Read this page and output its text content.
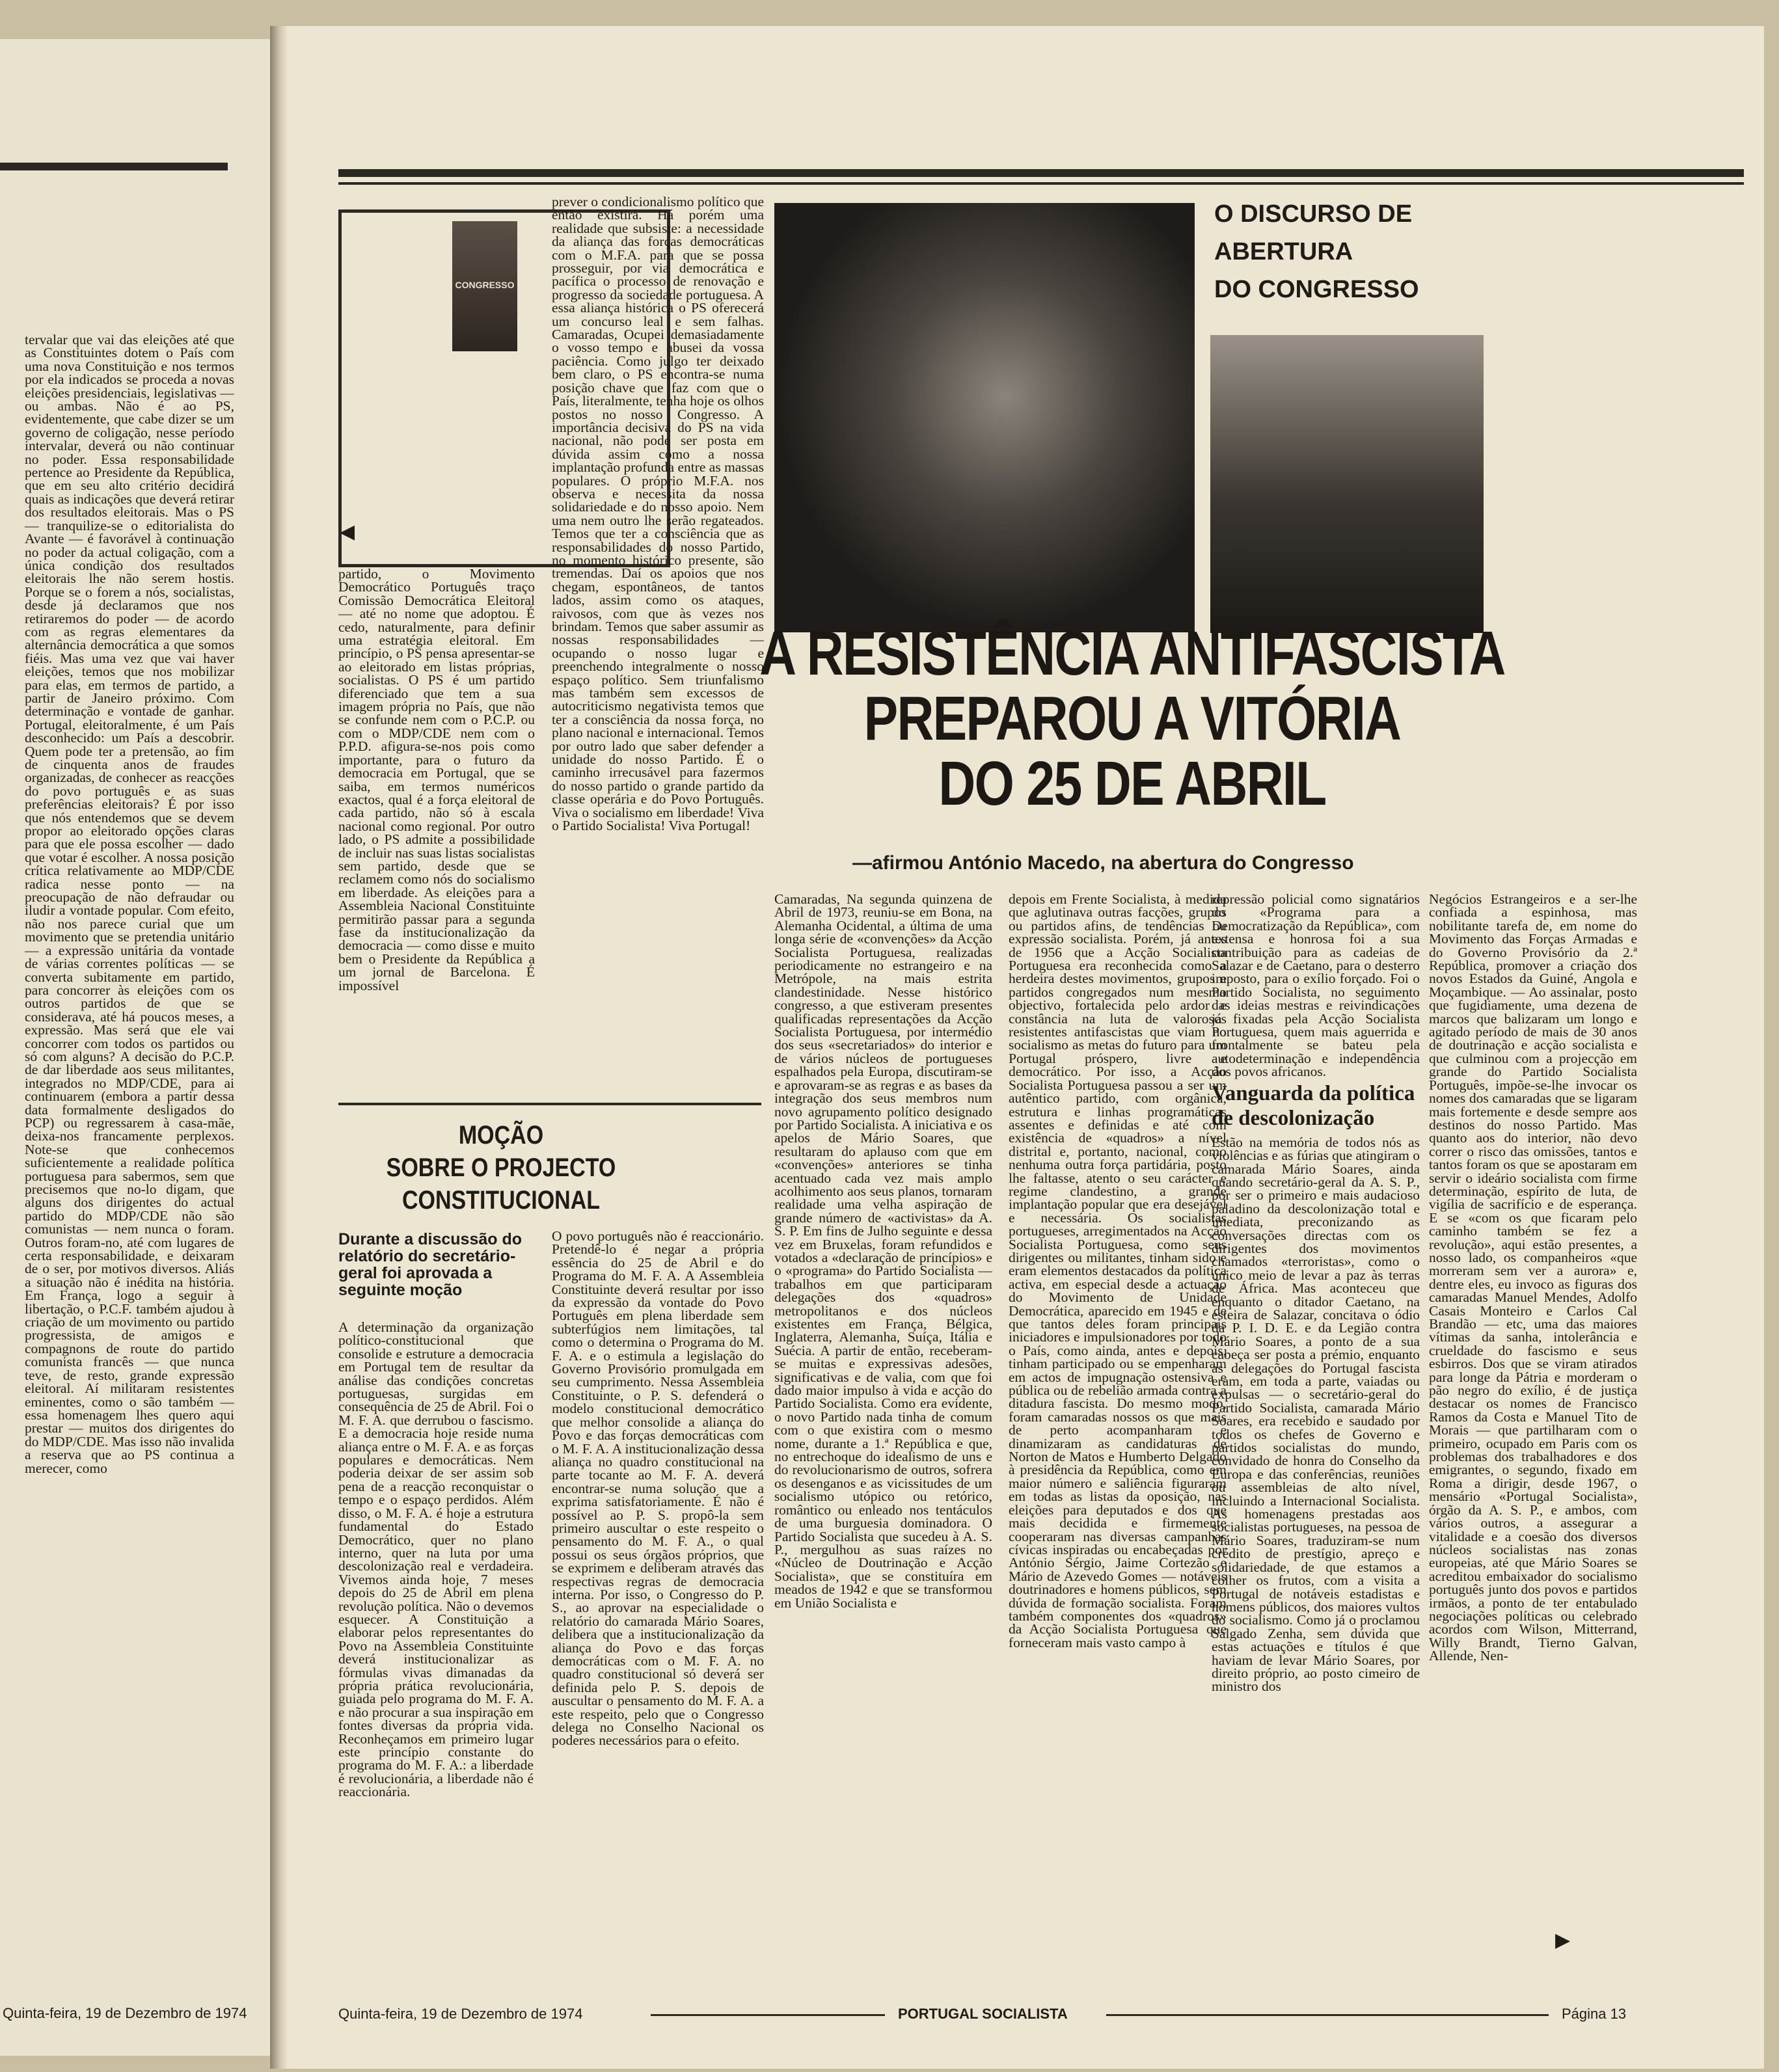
tervalar que vai das eleições até que as Constituintes dotem o País com uma nova Constituição e nos termos por ela indicados se proceda a novas eleições presidenciais, legislativas — ou ambas. Não é ao PS, evidentemente, que cabe dizer se um governo de coligação, nesse período intervalar, deverá ou não continuar no poder. Essa responsabilidade pertence ao Presidente da República, que em seu alto critério decidirá quais as indicações que deverá retirar dos resultados eleitorais. Mas o PS — tranquilize-se o editorialista do Avante — é favorável à continuação no poder da actual coligação, com a única condição dos resultados eleitorais lhe não serem hostis. Porque se o forem a nós, socialistas, desde já declaramos que nos retiraremos do poder — de acordo com as regras elementares da alternância democrática a que somos fiéis. Mas uma vez que vai haver eleições, temos que nos mobilizar para elas, em termos de partido, a partir de Janeiro próximo. Com determinação e vontade de ganhar. Portugal, eleitoralmente, é um País desconhecido: um País a descobrir. Quem pode ter a pretensão, ao fim de cinquenta anos de fraudes organizadas, de conhecer as reacções do povo português e as suas preferências eleitorais? É por isso que nós entendemos que se devem propor ao eleitorado opções claras para que ele possa escolher — dado que votar é escolher. A nossa posição crítica relativamente ao MDP/CDE radica nesse ponto — na preocupação de não defraudar ou iludir a vontade popular. Com efeito, não nos parece curial que um movimento que se pretendia unitário — a expressão unitária da vontade de várias correntes políticas — se converta subitamente em partido, para concorrer às eleições com os outros partidos de que se considerava, até há poucos meses, a expressão. Mas será que ele vai concorrer com todos os partidos ou só com alguns? A decisão do P.C.P. de dar liberdade aos seus militantes, integrados no MDP/CDE, para ai continuarem (embora a partir dessa data formalmente desligados do PCP) ou regressarem à casa-mãe, deixa-nos francamente perplexos. Note-se que conhecemos suficientemente a realidade política portuguesa para sabermos, sem que precisemos que no-lo digam, que alguns dos dirigentes do actual partido do MDP/CDE não são comunistas — nem nunca o foram. Outros foram-no, até com lugares de certa responsabilidade, e deixaram de o ser, por motivos diversos. Aliás a situação não é inédita na história. Em França, logo a seguir à libertação, o P.C.F. também ajudou à criação de um movimento ou partido progressista, de amigos e compagnons de route do partido comunista francês — que nunca teve, de resto, grande expressão eleitoral. Aí militaram resistentes eminentes, como o são também — essa homenagem lhes quero aqui prestar — muitos dos dirigentes do do MDP/CDE. Mas isso não invalida a reserva que ao PS continua a merecer, como
Quinta-feira, 19 de Dezembro de 1974
CONGRESSO
◀
partido, o Movimento Democrático Português traço Comissão Democrática Eleitoral — até no nome que adoptou. É cedo, naturalmente, para definir uma estratégia eleitoral. Em princípio, o PS pensa apresentar-se ao eleitorado em listas próprias, socialistas. O PS é um partido diferenciado que tem a sua imagem própria no País, que não se confunde nem com o P.C.P. ou com o MDP/CDE nem com o P.P.D. afigura-se-nos pois como importante, para o futuro da democracia em Portugal, que se saiba, em termos numéricos exactos, qual é a força eleitoral de cada partido, não só à escala nacional como regional. Por outro lado, o PS admite a possibilidade de incluir nas suas listas socialistas sem partido, desde que se reclamem como nós do socialismo em liberdade. As eleições para a Assembleia Nacional Constituinte permitirão passar para a segunda fase da institucionalização da democracia — como disse e muito bem o Presidente da República a um jornal de Barcelona. É impossível
prever o condicionalismo político que então existirá. Há porém uma realidade que subsiste: a necessidade da aliança das forças democráticas com o M.F.A. para que se possa prosseguir, por via democrática e pacífica o processo de renovação e progresso da sociedade portuguesa. A essa aliança histórica o PS oferecerá um concurso leal e sem falhas. Camaradas, Ocupei demasiadamente o vosso tempo e abusei da vossa paciência. Como julgo ter deixado bem claro, o PS encontra-se numa posição chave que faz com que o País, literalmente, tenha hoje os olhos postos no nosso Congresso. A importância decisiva do PS na vida nacional, não pode ser posta em dúvida assim como a nossa implantação profunda entre as massas populares. O próprio M.F.A. nos observa e necessita da nossa solidariedade e do nosso apoio. Nem uma nem outro lhe serão regateados. Temos que ter a consciência que as responsabilidades do nosso Partido, no momento histórico presente, são tremendas. Daí os apoios que nos chegam, espontâneos, de tantos lados, assim como os ataques, raivosos, com que às vezes nos brindam. Temos que saber assumir as nossas responsabilidades — ocupando o nosso lugar e preenchendo integralmente o nosso espaço político. Sem triunfalismo mas também sem excessos de autocriticismo negativista temos que ter a consciência da nossa força, no plano nacional e internacional. Temos por outro lado que saber defender a unidade do nosso Partido. É o caminho irrecusável para fazermos do nosso partido o grande partido da classe operária e do Povo Português. Viva o socialismo em liberdade! Viva o Partido Socialista! Viva Portugal!
O DISCURSO DE ABERTURA
DO CONGRESSO
A RESISTÊNCIA ANTIFASCISTA
PREPAROU A VITÓRIA
DO 25 DE ABRIL
—afirmou António Macedo, na abertura do Congresso
Camaradas, Na segunda quinzena de Abril de 1973, reuniu-se em Bona, na Alemanha Ocidental, a última de uma longa série de «convenções» da Acção Socialista Portuguesa, realizadas periodicamente no estrangeiro e na Metrópole, na mais estrita clandestinidade. Nesse histórico congresso, a que estiveram presentes qualificadas representações da Acção Socialista Portuguesa, por intermédio dos seus «secretariados» do interior e de vários núcleos de portugueses espalhados pela Europa, discutiram-se e aprovaram-se as regras e as bases da integração dos seus membros num novo agrupamento político designado por Partido Socialista. A iniciativa e os apelos de Mário Soares, que resultaram do aplauso com que em «convenções» anteriores se tinha acentuado cada vez mais amplo acolhimento aos seus planos, tornaram realidade uma velha aspiração de grande número de «activistas» da A. S. P. Em fins de Julho seguinte e dessa vez em Bruxelas, foram refundidos e votados a «declaração de princípios» e o «programa» do Partido Socialista — trabalhos em que participaram delegações dos «quadros» metropolitanos e dos núcleos existentes em França, Bélgica, Inglaterra, Alemanha, Suíça, Itália e Suécia. A partir de então, receberam-se muitas e expressivas adesões, significativas e de valia, com que foi dado maior impulso à vida e acção do Partido Socialista. Como era evidente, o novo Partido nada tinha de comum com o que existira com o mesmo nome, durante a 1.ª República e que, no entrechoque do idealismo de uns e do revolucionarismo de outros, sofrera os desenganos e as vicissitudes de um socialismo utópico ou retórico, romântico ou enleado nos tentáculos de uma burguesia dominadora. O Partido Socialista que sucedeu à A. S. P., mergulhou as suas raízes no «Núcleo de Doutrinação e Acção Socialista», que se constituíra em meados de 1942 e que se transformou em União Socialista e
depois em Frente Socialista, à medida que aglutinava outras facções, grupos ou partidos afins, de tendências ou expressão socialista. Porém, já antes de 1956 que a Acção Socialista Portuguesa era reconhecida como a herdeira destes movimentos, grupos e partidos congregados num mesmo objectivo, fortalecida pelo ardor e constância na luta de valorosos resistentes antifascistas que viam no socialismo as metas do futuro para um Portugal próspero, livre e democrático. Por isso, a Acção Socialista Portuguesa passou a ser um autêntico partido, com orgânica, estrutura e linhas programáticas assentes e definidas e até com existência de «quadros» a nível distrital e, portanto, nacional, como nenhuma outra força partidária, posto lhe faltasse, atento o seu carácter e regime clandestino, a grande implantação popular que era desejável e necessária. Os socialistas portugueses, arregimentados na Acção Socialista Portuguesa, como seus dirigentes ou militantes, tinham sido e eram elementos destacados da política activa, em especial desde a actuação do Movimento de Unidade Democrática, aparecido em 1945 e de que tantos deles foram principais iniciadores e impulsionadores por todo o País, como ainda, antes e depois, tinham participado ou se empenharam em actos de impugnação ostensiva e pública ou de rebelião armada contra a ditadura fascista. Do mesmo modo, foram camaradas nossos os que mais de perto acompanharam e dinamizaram as candidaturas de Norton de Matos e Humberto Delgado à presidência da República, como em maior número e saliência figuraram em todas as listas da oposição, nas eleições para deputados e dos que mais decidida e firmemente cooperaram nas diversas campanhas cívicas inspiradas ou encabeçadas por António Sérgio, Jaime Cortezão e Mário de Azevedo Gomes — notáveis doutrinadores e homens públicos, sem dúvida de formação socialista. Foram também componentes dos «quadros» da Acção Socialista Portuguesa que forneceram mais vasto campo à
repressão policial como signatários do «Programa para a Democratização da República», com extensa e honrosa foi a sua contribuição para as cadeias de Salazar e de Caetano, para o desterro imposto, para o exílio forçado. Foi o Partido Socialista, no seguimento das ideias mestras e reivindicações já fixadas pela Acção Socialista Portuguesa, quem mais aguerrida e frontalmente se bateu pela autodeterminação e independência dos povos africanos.
Vanguarda da política de descolonização
Estão na memória de todos nós as violências e as fúrias que atingiram o camarada Mário Soares, ainda quando secretário-geral da A. S. P., por ser o primeiro e mais audacioso paladino da descolonização total e imediata, preconizando as conversações directas com os dirigentes dos movimentos chamados «terroristas», como o único meio de levar a paz às terras de África. Mas aconteceu que enquanto o ditador Caetano, na esteira de Salazar, concitava o ódio da P. I. D. E. e da Legião contra Mário Soares, a ponto de a sua cabeça ser posta a prémio, enquanto as delegações do Portugal fascista eram, em toda a parte, vaiadas ou expulsas — o secretário-geral do Partido Socialista, camarada Mário Soares, era recebido e saudado por todos os chefes de Governo e partidos socialistas do mundo, convidado de honra do Conselho da Europa e das conferências, reuniões ou assembleias de alto nível, incluindo a Internacional Socialista. As homenagens prestadas aos socialistas portugueses, na pessoa de Mário Soares, traduziram-se num crédito de prestígio, apreço e solidariedade, de que estamos a colher os frutos, com a visita a Portugal de notáveis estadistas e homens públicos, dos maiores vultos do socialismo. Como já o proclamou Salgado Zenha, sem dúvida que estas actuações e títulos é que haviam de levar Mário Soares, por direito próprio, ao posto cimeiro de ministro dos
Negócios Estrangeiros e a ser-lhe confiada a espinhosa, mas nobilitante tarefa de, em nome do Movimento das Forças Armadas e do Governo Provisório da 2.ª República, promover a criação dos novos Estados da Guiné, Angola e Moçambique. — Ao assinalar, posto que fugidiamente, uma dezena de marcos que balizaram um longo e agitado período de mais de 30 anos de doutrinação e acção socialista e que culminou com a projecção em grande do Partido Socialista Português, impõe-se-lhe invocar os nomes dos camaradas que se ligaram mais fortemente e desde sempre aos destinos do nosso Partido. Mas quanto aos do interior, não devo correr o risco das omissões, tantos e tantos foram os que se apostaram em servir o ideário socialista com firme determinação, espírito de luta, de vigília de sacrifício e de esperança. E se «com os que ficaram pelo caminho também se fez a revolução», aqui estão presentes, a nosso lado, os companheiros «que morreram sem ver a aurora» e, dentre eles, eu invoco as figuras dos camaradas Manuel Mendes, Adolfo Casais Monteiro e Carlos Cal Brandão — etc, uma das maiores vítimas da sanha, intolerância e crueldade do fascismo e seus esbirros. Dos que se viram atirados para longe da Pátria e morderam o pão negro do exílio, é de justiça destacar os nomes de Francisco Ramos da Costa e Manuel Tito de Morais — que partilharam com o primeiro, ocupado em Paris com os problemas dos trabalhadores e dos emigrantes, o segundo, fixado em Roma a dirigir, desde 1967, o mensário «Portugal Socialista», órgão da A. S. P., e ambos, com vários outros, a assegurar a vitalidade e a coesão dos diversos núcleos socialistas nas zonas europeias, até que Mário Soares se acreditou embaixador do socialismo português junto dos povos e partidos irmãos, a ponto de ter entabulado negociações políticas ou celebrado acordos com Wilson, Mitterrand, Willy Brandt, Tierno Galvan, Allende, Nen-
▶
MOÇÃO
SOBRE O PROJECTO
CONSTITUCIONAL
Durante a discussão do relatório do secretário-geral foi aprovada a seguinte moção
A determinação da organização político-constitucional que consolide e estruture a democracia em Portugal tem de resultar da análise das condições concretas portuguesas, surgidas em consequência de 25 de Abril. Foi o M. F. A. que derrubou o fascismo. E a democracia hoje reside numa aliança entre o M. F. A. e as forças populares e democráticas. Nem poderia deixar de ser assim sob pena de a reacção reconquistar o tempo e o espaço perdidos. Além disso, o M. F. A. é hoje a estrutura fundamental do Estado Democrático, quer no plano interno, quer na luta por uma descolonização real e verdadeira. Vivemos ainda hoje, 7 meses depois do 25 de Abril em plena revolução política. Não o devemos esquecer. A Constituição a elaborar pelos representantes do Povo na Assembleia Constituinte deverá institucionalizar as fórmulas vivas dimanadas da própria prática revolucionária, guiada pelo programa do M. F. A. e não procurar a sua inspiração em fontes diversas da própria vida. Reconheçamos em primeiro lugar este princípio constante do programa do M. F. A.: a liberdade é revolucionária, a liberdade não é reaccionária.
O povo português não é reaccionário. Pretendê-lo é negar a própria essência do 25 de Abril e do Programa do M. F. A. A Assembleia Constituinte deverá resultar por isso da expressão da vontade do Povo Português em plena liberdade sem subterfúgios nem limitações, tal como o determina o Programa do M. F. A. e o estimula a legislação do Governo Provisório promulgada em seu cumprimento. Nessa Assembleia Constituinte, o P. S. defenderá o modelo constitucional democrático que melhor consolide a aliança do Povo e das forças democráticas com o M. F. A. A institucionalização dessa aliança no quadro constitucional na parte tocante ao M. F. A. deverá encontrar-se numa solução que a exprima satisfatoriamente. É não é possível ao P. S. propô-la sem primeiro auscultar o este respeito o pensamento do M. F. A., o qual possui os seus órgãos próprios, que se exprimem e deliberam através das respectivas regras de democracia interna. Por isso, o Congresso do P. S., ao aprovar na especialidade o relatório do camarada Mário Soares, delibera que a institucionalização da aliança do Povo e das forças democráticas com o M. F. A. no quadro constitucional só deverá ser definida pelo P. S. depois de auscultar o pensamento do M. F. A. a este respeito, pelo que o Congresso delega no Conselho Nacional os poderes necessários para o efeito.
Quinta-feira, 19 de Dezembro de 1974	PORTUGAL SOCIALISTA	Página 13
